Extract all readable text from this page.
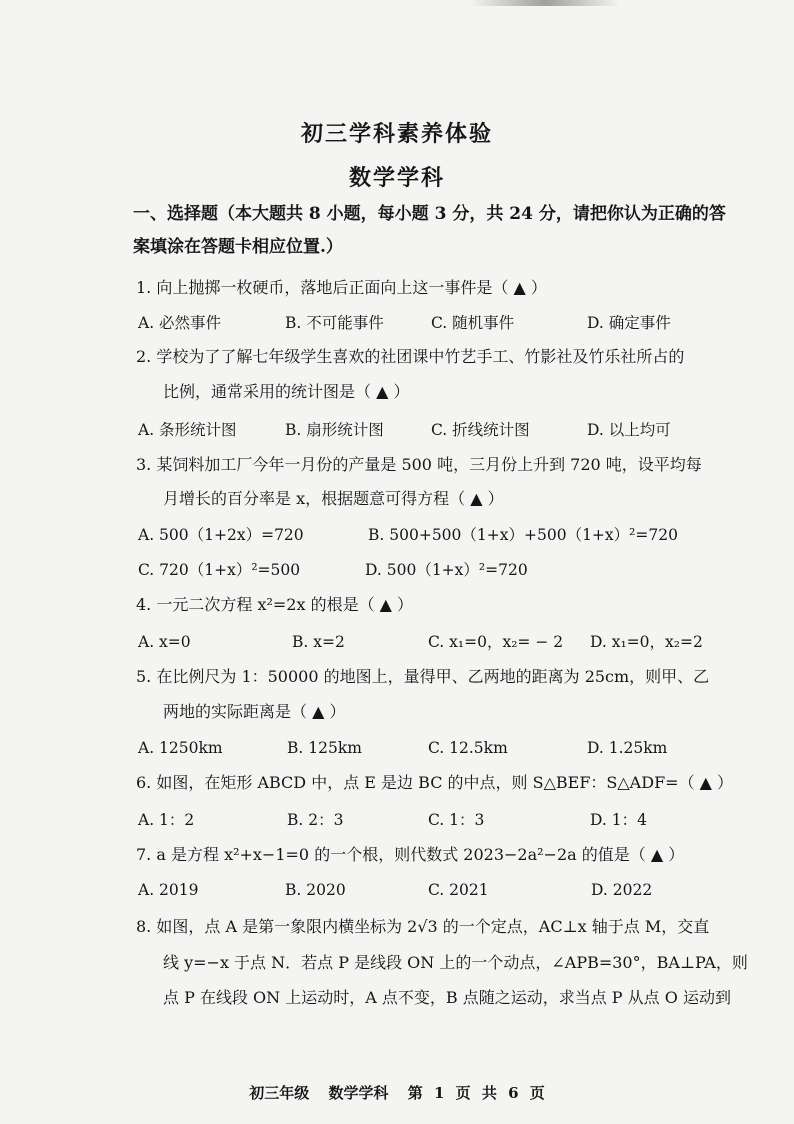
初三学科素养体验
数学学科
一、选择题（本大题共 8 小题，每小题 3 分，共 24 分，请把你认为正确的答
案填涂在答题卡相应位置.）
1. 向上抛掷一枚硬币，落地后正面向上这一事件是（ ▲ ）
A. 必然事件	B. 不可能事件	C. 随机事件	D. 确定事件
2. 学校为了了解七年级学生喜欢的社团课中竹艺手工、竹影社及竹乐社所占的
比例，通常采用的统计图是（ ▲ ）
A. 条形统计图	B. 扇形统计图	C. 折线统计图	D. 以上均可
3. 某饲料加工厂今年一月份的产量是 500 吨，三月份上升到 720 吨，设平均每
月增长的百分率是 x，根据题意可得方程（ ▲ ）
A. 500（1+2x）=720	B. 500+500（1+x）+500（1+x）²=720
C. 720（1+x）²=500	D. 500（1+x）²=720
4. 一元二次方程 x²=2x 的根是（ ▲ ）
A. x=0	B. x=2	C. x₁=0，x₂= − 2 D. x₁=0，x₂=2
5. 在比例尺为 1：50000 的地图上，量得甲、乙两地的距离为 25cm，则甲、乙
两地的实际距离是（ ▲ ）
A. 1250km	B. 125km	C. 12.5km	D. 1.25km
6. 如图，在矩形 ABCD 中，点 E 是边 BC 的中点，则 S△BEF：S△ADF=（ ▲ ）
A. 1：2	B. 2：3	C. 1：3	D. 1：4
7. a 是方程 x²+x−1=0 的一个根，则代数式 2023−2a²−2a 的值是（ ▲ ）
A. 2019	B. 2020	C. 2021	D. 2022
8. 如图，点 A 是第一象限内横坐标为 2√3 的一个定点，AC⊥x 轴于点 M，交直
线 y=−x 于点 N．若点 P 是线段 ON 上的一个动点，∠APB=30°，BA⊥PA，则
点 P 在线段 ON 上运动时，A 点不变，B 点随之运动，求当点 P 从点 O 运动到
初三年级 数学学科 第 1 页 共 6 页
